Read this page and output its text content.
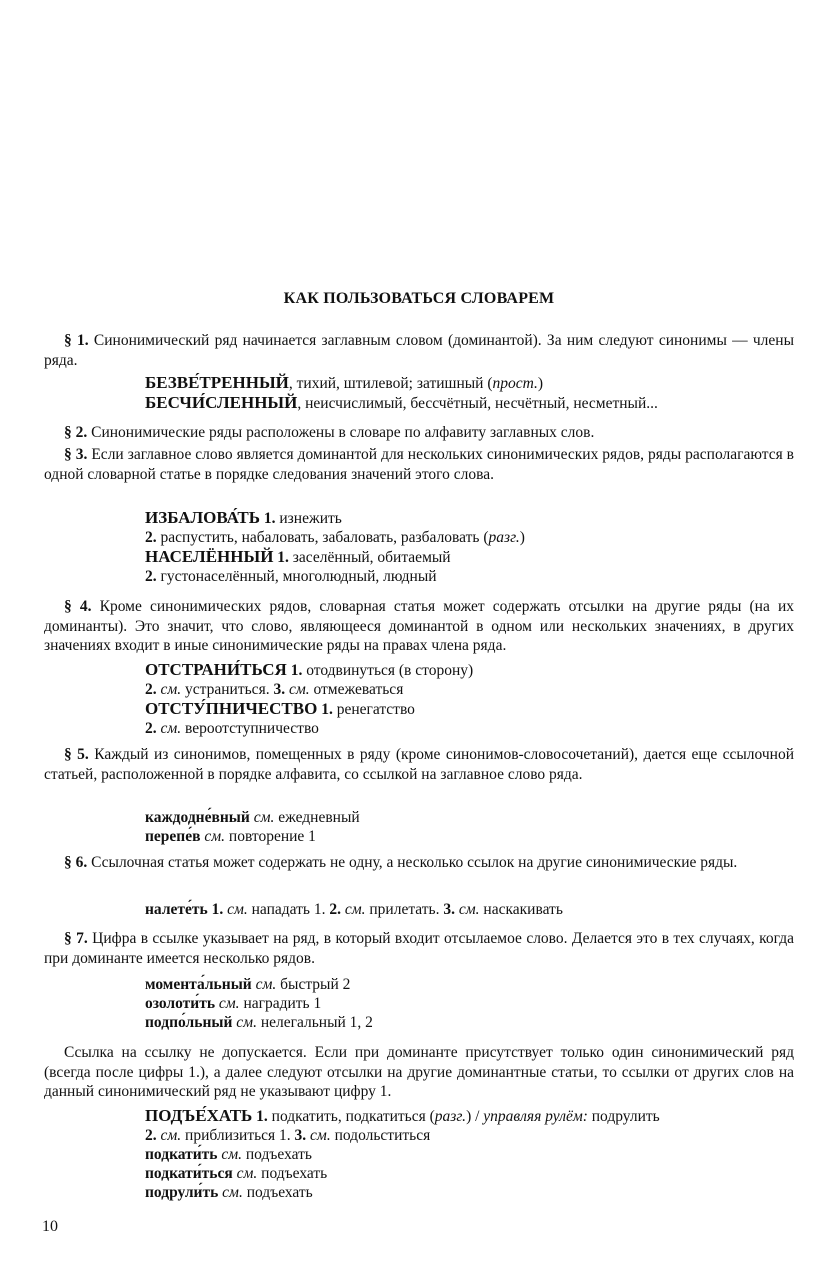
КАК ПОЛЬЗОВАТЬСЯ СЛОВАРЕМ
§ 1. Синонимический ряд начинается заглавным словом (доминантой). За ним следуют синонимы — члены ряда.
БЕЗВЕ́ТРЕННЫЙ, тихий, штилевой; затишный (прост.)
БЕСЧИ́СЛЕННЫЙ, неисчислимый, бессчётный, несчётный, несметный...
§ 2. Синонимические ряды расположены в словаре по алфавиту заглавных слов.
§ 3. Если заглавное слово является доминантой для нескольких синонимических рядов, ряды располагаются в одной словарной статье в порядке следования значений этого слова.
ИЗБАЛОВА́ТЬ 1. изнежить
2. распустить, набаловать, забаловать, разбаловать (разг.)
НАСЕЛЁННЫЙ 1. заселённый, обитаемый
2. густонаселённый, многолюдный, людный
§ 4. Кроме синонимических рядов, словарная статья может содержать отсылки на другие ряды (на их доминанты). Это значит, что слово, являющееся доминантой в одном или нескольких значениях, в других значениях входит в иные синонимические ряды на правах члена ряда.
ОТСТРАНИ́ТЬСЯ 1. отодвинуться (в сторону)
2. см. устраниться. 3. см. отмежеваться
ОТСТУ́ПНИЧЕСТВО 1. ренегатство
2. см. вероотступничество
§ 5. Каждый из синонимов, помещенных в ряду (кроме синонимов-словосочетаний), дается еще ссылочной статьей, расположенной в порядке алфавита, со ссылкой на заглавное слово ряда.
каждодне́вный см. ежедневный
перепе́в см. повторение 1
§ 6. Ссылочная статья может содержать не одну, а несколько ссылок на другие синонимические ряды.
налете́ть 1. см. нападать 1. 2. см. прилетать. 3. см. наскакивать
§ 7. Цифра в ссылке указывает на ряд, в который входит отсылаемое слово. Делается это в тех случаях, когда при доминанте имеется несколько рядов.
момента́льный см. быстрый 2
озолоти́ть см. наградить 1
подпо́льный см. нелегальный 1, 2
Ссылка на ссылку не допускается. Если при доминанте присутствует только один синонимический ряд (всегда после цифры 1.), а далее следуют отсылки на другие доминантные статьи, то ссылки от других слов на данный синонимический ряд не указывают цифру 1.
ПОДЪЕ́ХАТЬ 1. подкатить, подкатиться (разг.) / управляя рулём: подрулить
2. см. приблизиться 1. 3. см. подольститься
подкати́ть см. подъехать
подкати́ться см. подъехать
подрули́ть см. подъехать
10
